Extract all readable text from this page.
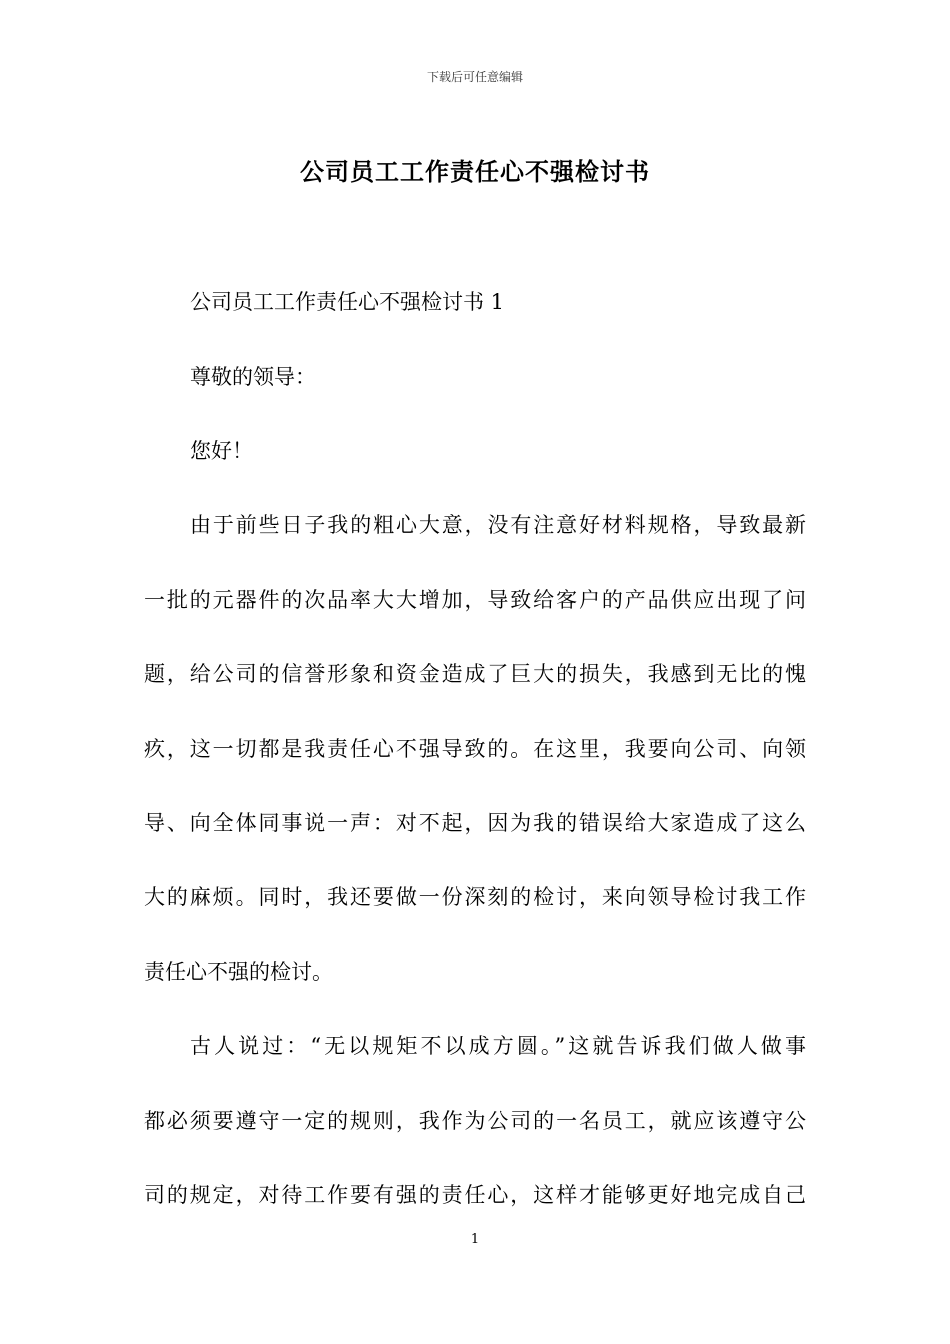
下载后可任意编辑
公司员工工作责任心不强检讨书
公司员工工作责任心不强检讨书 1
尊敬的领导：
您好！
由于前些日子我的粗心大意，没有注意好材料规格，导致最新
一批的元器件的次品率大大增加，导致给客户的产品供应出现了问
题，给公司的信誉形象和资金造成了巨大的损失，我感到无比的愧
疚，这一切都是我责任心不强导致的。在这里，我要向公司、向领
导、向全体同事说一声：对不起，因为我的错误给大家造成了这么
大的麻烦。同时，我还要做一份深刻的检讨，来向领导检讨我工作
责任心不强的检讨。
古人说过：“无以规矩不以成方圆。”这就告诉我们做人做事
都必须要遵守一定的规则，我作为公司的一名员工，就应该遵守公
司的规定，对待工作要有强的责任心，这样才能够更好地完成自己
1
